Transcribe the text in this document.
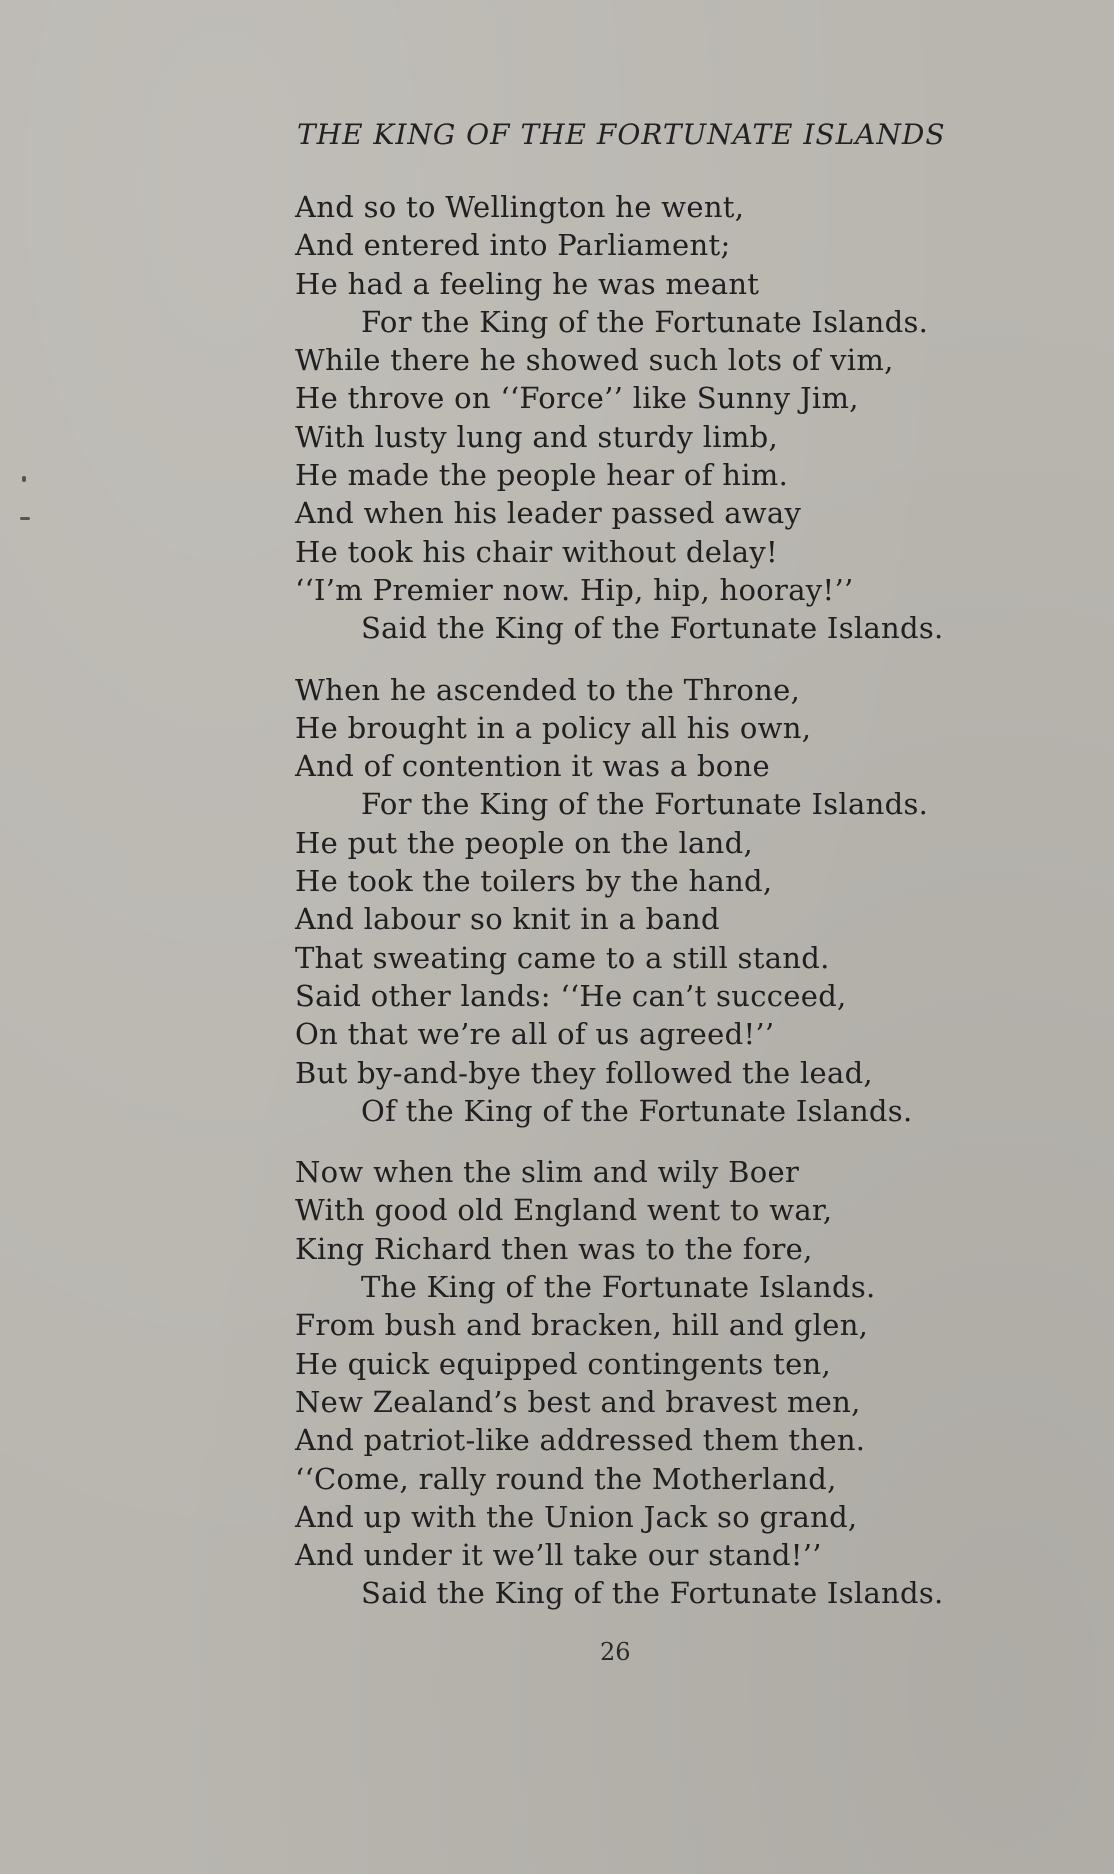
THE KING OF THE FORTUNATE ISLANDS
And so to Wellington he went,
And entered into Parliament;
He had a feeling he was meant
For the King of the Fortunate Islands.
While there he showed such lots of vim,
He throve on ‘‘Force’’ like Sunny Jim,
With lusty lung and sturdy limb,
He made the people hear of him.
And when his leader passed away
He took his chair without delay!
‘‘I’m Premier now. Hip, hip, hooray!’’
Said the King of the Fortunate Islands.
When he ascended to the Throne,
He brought in a policy all his own,
And of contention it was a bone
For the King of the Fortunate Islands.
He put the people on the land,
He took the toilers by the hand,
And labour so knit in a band
That sweating came to a still stand.
Said other lands: ‘‘He can’t succeed,
On that we’re all of us agreed!’’
But by-and-bye they followed the lead,
Of the King of the Fortunate Islands.
Now when the slim and wily Boer
With good old England went to war,
King Richard then was to the fore,
The King of the Fortunate Islands.
From bush and bracken, hill and glen,
He quick equipped contingents ten,
New Zealand’s best and bravest men,
And patriot-like addressed them then.
‘‘Come, rally round the Motherland,
And up with the Union Jack so grand,
And under it we’ll take our stand!’’
Said the King of the Fortunate Islands.
26
